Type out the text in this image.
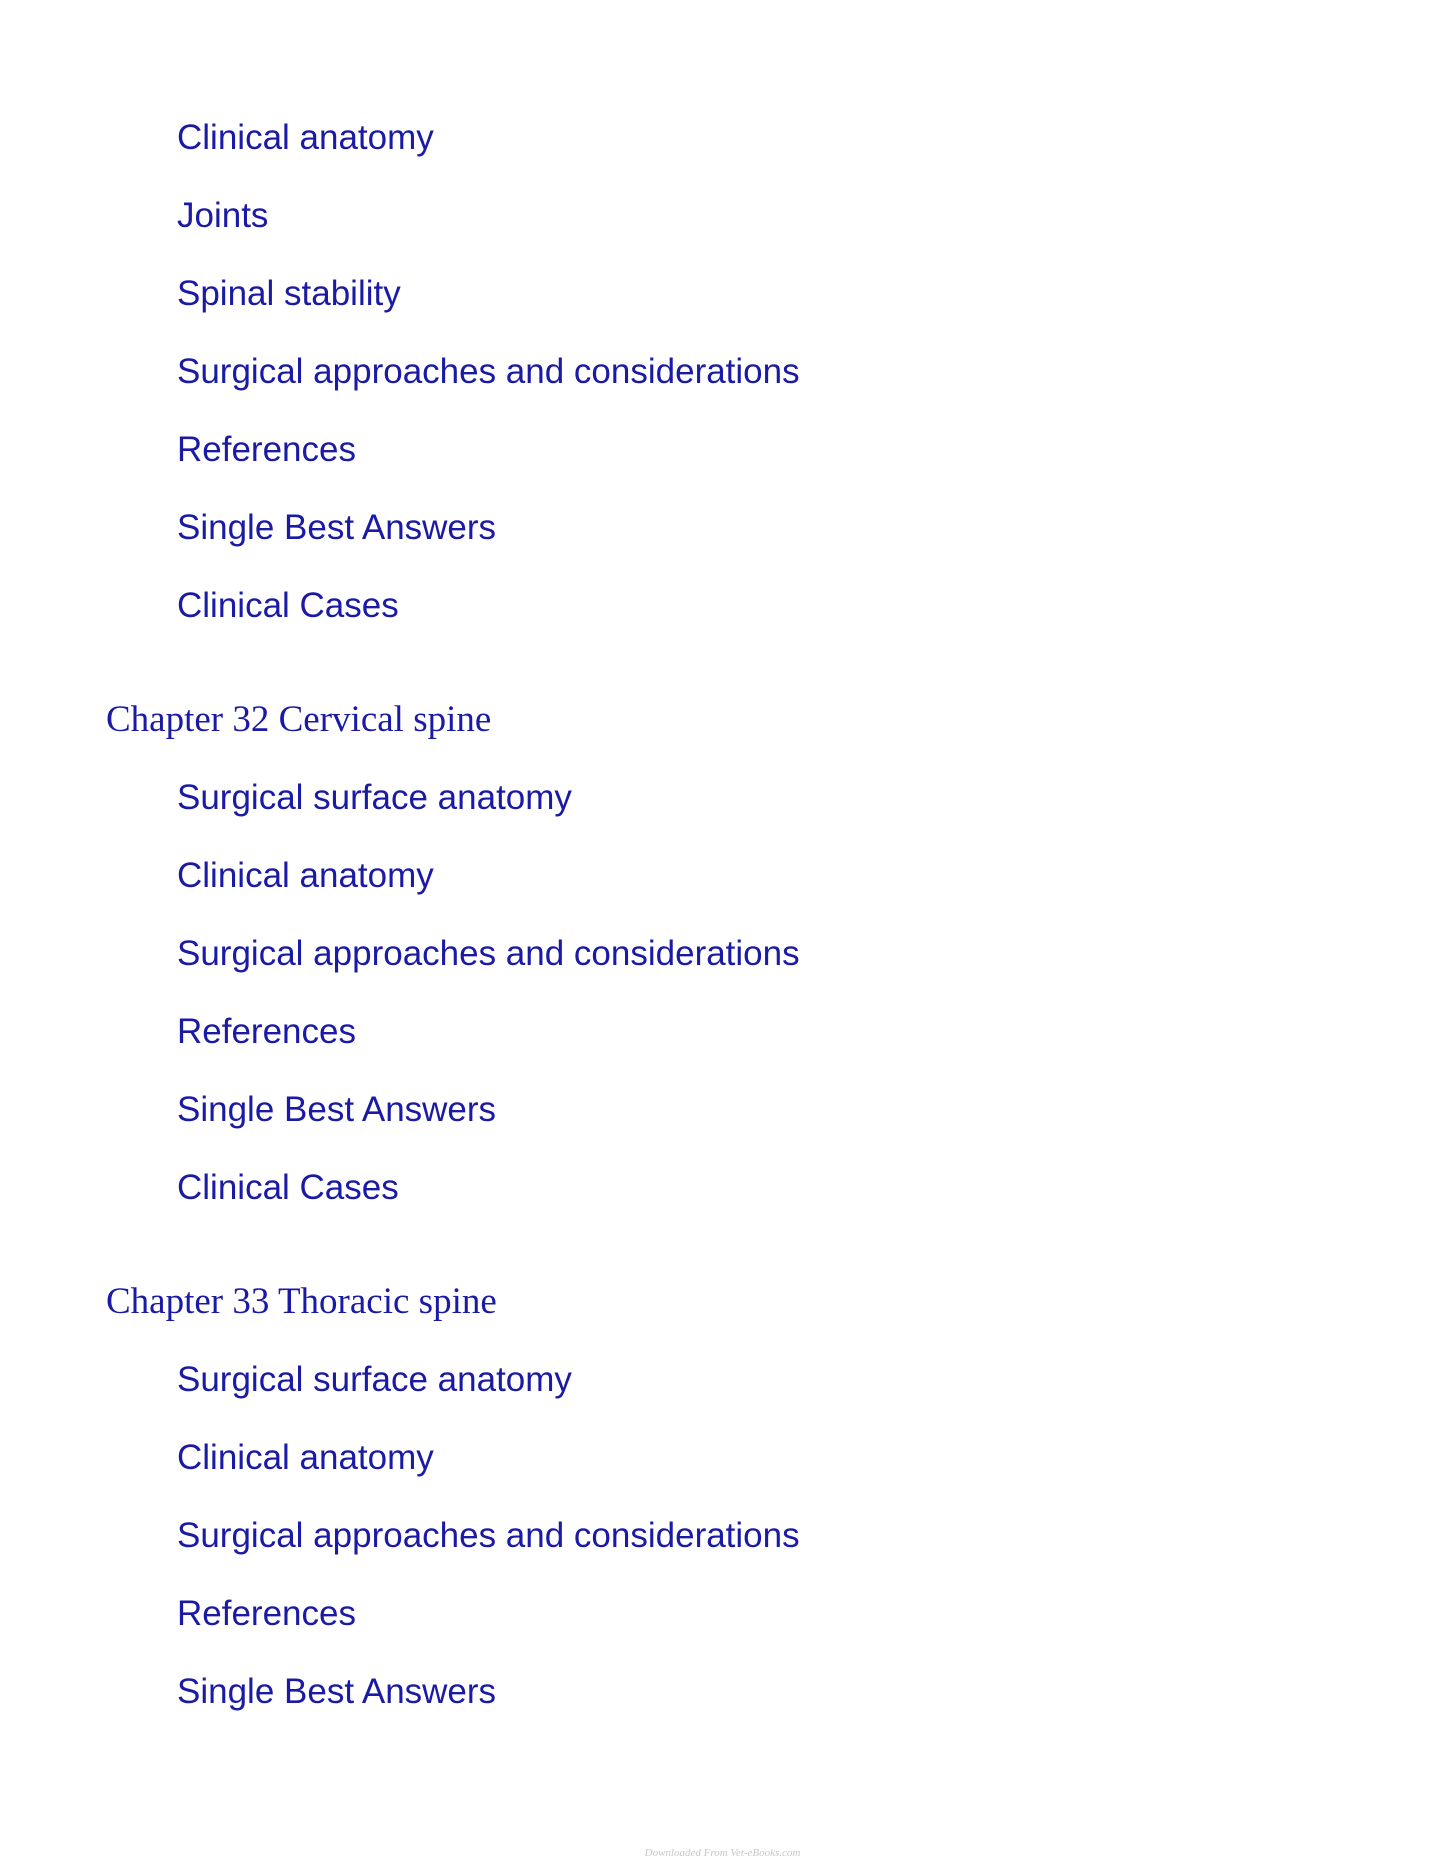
Clinical anatomy
Joints
Spinal stability
Surgical approaches and considerations
References
Single Best Answers
Clinical Cases
Chapter 32 Cervical spine
Surgical surface anatomy
Clinical anatomy
Surgical approaches and considerations
References
Single Best Answers
Clinical Cases
Chapter 33 Thoracic spine
Surgical surface anatomy
Clinical anatomy
Surgical approaches and considerations
References
Single Best Answers
Downloaded From Vet-eBooks.com
